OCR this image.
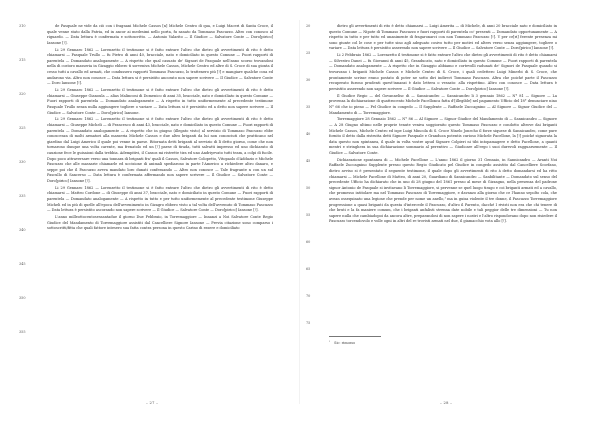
310
315
320
325
330
335
340
345
350
355

de Pasquale ne vide da ciò con i fragnani Michele Cassos [n] Michele Centro di qua, e Luigi Maceri di Santa Croce, il quale venne stato dalla Patria, ed in ancor ai medesimi nello porta, fu sanato da Tommaso Pascuzzo. Altro con conosco al riguardo. — Data lettura è confermata e sottoscritto. — Antonio Valarito — Il Giudice — Salvatore Conte — Doro[pirico] Iansone [!].

Li 29 Gennaro 1862 — Lorenzetto il testimone si è fatto entrare l'altro che dietro gli avvertimenti di rito è detto chiamarsi — Pasquale Trullo — fu Pietro di anni 40, bracciale, nato e domiciliato in questo Comune — Fuori rapporti di parentela — Domandato analogamente — A rispetto che qual casuato de' Signori de Pasquale nell'anno scorso trovandosi nella di costoro masseria in Gizaggio ebbero ti sorveniva Michele Cassos, Michele Centro ed altre di S. Croce di sua gionta il cesso tutti a cavallo ed armati, che condussero rapporti Tommaso Pascuzzo, lo trattenero più [!] e mangiare qualche cosa ed andarono via. Altro non conosce — Data lettura si è persistito ancorato non sapere scrivere — Il Giudice — Salvatore Conte — Doro Iansone [!].

Li 29 Gennaro 1862 — Lorenzetto il testimone si è fatto entrare l'altro che dietro gli avvertimenti di rito è detto chiamarsi — Giuseppe Gianoula — alias Malinconi di Domenico di anni 35, bracciale, nato e domiciliato in questo Comune — Fuori rapporti di parentela — Domandato analogamente — A rispetto in tutto uniformemente al precedente testimone Pasquale Trullo senza nulla aggiungere togliere o variare — Data lettura si è persistito ed a detto non sapere scrivere — Il Giudice — Salvatore Conte — Doro[pirico] Iansone.

Li 29 Gennaro 1862 — Lorenzetto il testimone si è fatto entrare l'altro che dietro gli avvertimenti di rito è detto chiamarsi — Giuseppe Micheli — di Francesco di anni 43, bracciale, nato e domiciliato in questo Comune — Fuori rapporti di parentela — Domandato analogamente — A rispetto che in giugno (illegato visto) al servizio di Tommaso Pascuzzo ebbe conoscenza di molti armatori alla masseria Michele Cassos e due altro briganti da lui non conosciuti che pratticano nel giardino dal Luigi Americo il quale poi venne in paese. Ritornata detti briganti al servizio di lì detto giorno, come che non tornarono dunque una volta carente, ma frenatolo ed un [!] paese di tirada, tutti salvatti impresso ed uno dichiarato di cauzione fece le guisaioni dalla trebbia. Adempitivi, il Cassos mi ristrette tira ed uno Andriyevato tutti team, a colpi di fucile. Dopo poco attraversare verso una tonnara di briganti fra' quali il Cassos, Salvatore Colopetto, Vitopaolo d'Adduzio e Michele Pascuzzo che alle massarie chiamarle ed uccisione di animali spediarono in parte l'Americo a richiedere altro danaro, e seppe poi che il Pascuzzo aveva mandato loro dunati confessando — Altro non conosce — Tale fragrante n con un sul Pascullo di Sancerso — Data lettura è confermata affermando non sapere scrivere — Il Giudice — Salvatore Conte — Doro[pirico] Iansone [!].

Li 29 Gennaro 1862 — Lorenzetto il testimone si è fatto entrare l'altro che dietro gli avvertimenti di rito è detto chiamarsi — Matteo Cordone — di Giuseppe di anni 37, bracciale, nato e domiciliato in questo Comune — Fuori rapporti di parentela — Domandato analogamente — A rispetto in tutto e per tutto uniformemente al precedente testimone Giuseppe Micheli ed in più di quelle all'epoca dell'avvenimento in Gizagro ebbero visto a tal volta dell'avvenuto di Tommaso Pascuzzo — Data lettura è persistito ascorando non sapere scrivere — Il Giudice — Salvatore Conte — Doro[pirico] Iansone [!].

L'anno milleottocentosessantadue il giorno Due Febbraio, in Torremaggiore — Innanzi a Noi Salvatore Conte Regio Giudice del Mandamento di Torremaggiore assistiti dal Cancelliere Signore Iansone — Previa citazione sono comparso i sottoscritti/fitta che quali fattore intesero sua fatta contra persona in questo Carino di essere e domiciliato

– 27 –
20
25
30
35
40
45
50
55
60
65
70
75

dietro gli avvertimenti di rito è detto chiamarsi — Luigi Amerita — di Michele, di anni 20 bracciale nato e domiciliato in questo Comune — Nipote di Tommaso Pascuzzo e fuori rapporti di parentela co' presenti — Domandato opportunamente — A rispetto in tutto e per tutto ed unanimente di fragaronarci con non Tommaso Pascuzzo [!]. Y per ce[ri] ferente presenza mi sono giunte col le cose e per tutte sino agli adeguato cosivo tutto per motivi ed alters verso senza aggiungere, togliere o variare — Data lettura è persistito asserendo non sapere scrivere — Il Giudice — Salvatore Conte — Doro[pirico] Iansone [!].

Li 2 Febbraio 1862 — Lorenzetto il testimone si è fatto entrare l'altro che dietro gli avvertimenti di rito è detto chiamarsi — Silvestro Danei — fu Giovanni di anni 45, Granducato, nato e domiciliato in questo Comune — Fuori rapporti di parentela — Domandato analogamente — A rispetto che in Gizaggio abbiamo e cortevolli radunati de' Signori de Pasquale quando si trovavano i briganti Michele Cassos e Michele Centro di S. Croce, i quali cedettero Luigi Minerbi di S. Croce, che prontamente scrisse erano postato di poter ne sotto diri indirect Tommaso Pascuzzo. Altra che poiché parte il Pascuzzo recuperato furono prudenti quest'innanzi è dato lettera o vessato: alla rispettino. Altro con conosce — Data lettura è persistito asserendo non sapere scrivere — Il Giudice — Salvatore Conte — Doro[pirico] Iansone [!].

Il Giudice Regio — del Govannelisc di — Sannicandro — Sannicandro li 3 gennaio 1862 — N° 81 — Signore — La provenza la dichiarazione di quattrocento Michele Pacellonca fatta d'[illegible] nel pagamento Ufficio del 18° denunciare nino N° 66 che io pieno — Pel Giudice in congedo — Il Supplente — Raffaele Zuccagnino — Al Signore — Signor Giudice del — Mandamento di — Torremaggiore.

Torremaggiore 28 Gennaio 1862 — N° 86 — Al Signore — Signor Giudice del Mandamento di — Sannicandro — Signore — A 28 Giugno ultimo nelle proprie tenute veniva soggiornito questo Tommaso Pascuzzo e condotto altrove dai briganti Michele Cassos, Michele Centro ed ispe Luigi Mincola di S. Croce Ninelo Jonecho il forze siquese di Sannicandro, come pure fornito il detto dalla ristrutta detti Signore Pasquale e Granduca potentis curioso Michele Pacellone, la [!] poiché signorata la data questo non spintanea, il quale in volta vostre apud Signore Colpieri ni tibi intopamagere e detto Pacellone, a quanti mentri e stringhera in sua dichiarazione sommario al perentivo — Giudicare all'ergo i suoi durevoli ragguarsemente — Il Giudice — Salvatore Conte.

Dichiarazione spontanea di — Michele Pacellone — L'anno 1862 il giorno 31 Gennaio, in Sannicandro — Avanti Noi Raffaele Zuccagnino Supplente presso questo Regio Giudicato pel Giudice in congedo assistito dal Cancelliere Scorfano, dietro avviso si è presentato il seguente testimone, il quale dopo gli avvertimenti di rito à detto domandarsi ed ha ritto chiamarsi — Michele Pacellone di Matteo, di anni 20, Guardiano di Sannicandro — Sanbilitante — Domandato sul senso del precedente Ufficio ha dichiarato che in uno di 28 giugno del 1861 presso al mese di Gizzagno, nella presenza del padrone signor Antonio de Pasquale si invitavano li Torremaggiore, si pervenne se quel luogo tirago e coi briganti armati ed a cavallo, che promesso intitolare ma nel Tommaso Pascuzzo di Torremaggiore, e davanzo alla giorno che ce l'hanno sepolto cola, che avean ossequinato una legione che prende per nome un anello,¹ ma in guisa violente il tre donne, il Pascuzzo Torremaggiore progressione a quasi briganti da questa d'intercede il Pascuzzo, d'altro il Parento, dacché I rivisti non era che chi tenere di che bruti e la fa maniere comum, che i briganti anfalisti strenna date nobile e tali peggior delle tre dimensioni — Tu non sapere nulla che cambiadopoi da ancora altre, preparandosi di non sapere i nostri e l'altro rispondovano dopo non risiedere il Pascuzzo torcendovolo e volle ogni in altri del re trovisti armati nel due, il giamacchio vota allo [!].

$^{^1}$ Sic: rimosso
– 28 –
